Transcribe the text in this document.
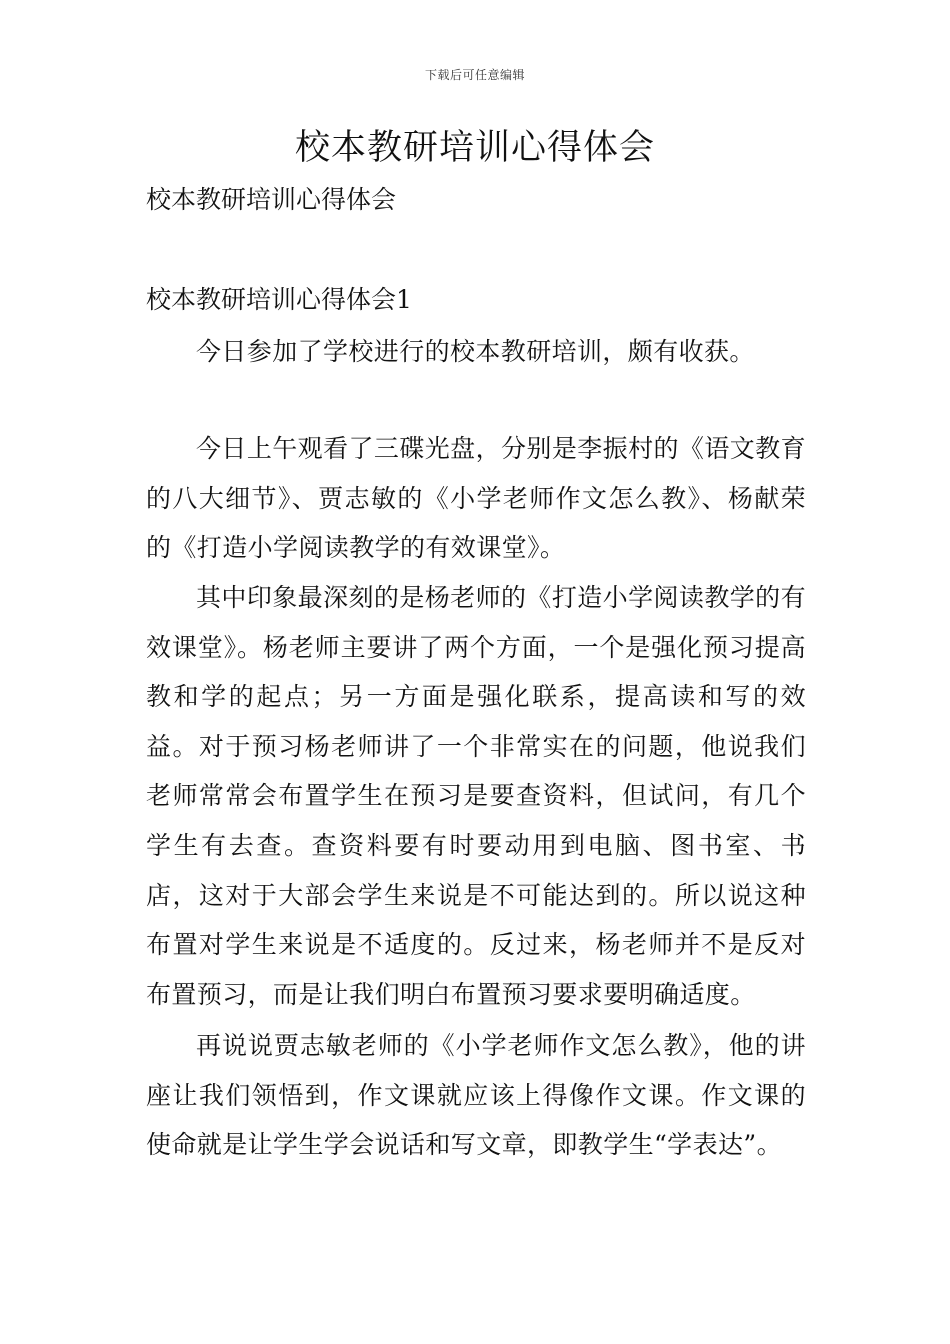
下载后可任意编辑
校本教研培训心得体会
校本教研培训心得体会
校本教研培训心得体会1

今日参加了学校进行的校本教研培训，颇有收获。

今日上午观看了三碟光盘，分别是李振村的《语文教育的八大细节》、贾志敏的《小学老师作文怎么教》、杨献荣的《打造小学阅读教学的有效课堂》。

其中印象最深刻的是杨老师的《打造小学阅读教学的有效课堂》。杨老师主要讲了两个方面，一个是强化预习提高教和学的起点；另一方面是强化联系，提高读和写的效益。对于预习杨老师讲了一个非常实在的问题，他说我们老师常常会布置学生在预习是要查资料，但试问，有几个学生有去查。查资料要有时要动用到电脑、图书室、书店，这对于大部会学生来说是不可能达到的。所以说这种布置对学生来说是不适度的。反过来，杨老师并不是反对布置预习，而是让我们明白布置预习要求要明确适度。

再说说贾志敏老师的《小学老师作文怎么教》，他的讲座让我们领悟到，作文课就应该上得像作文课。作文课的使命就是让学生学会说话和写文章，即教学生“学表达”。
